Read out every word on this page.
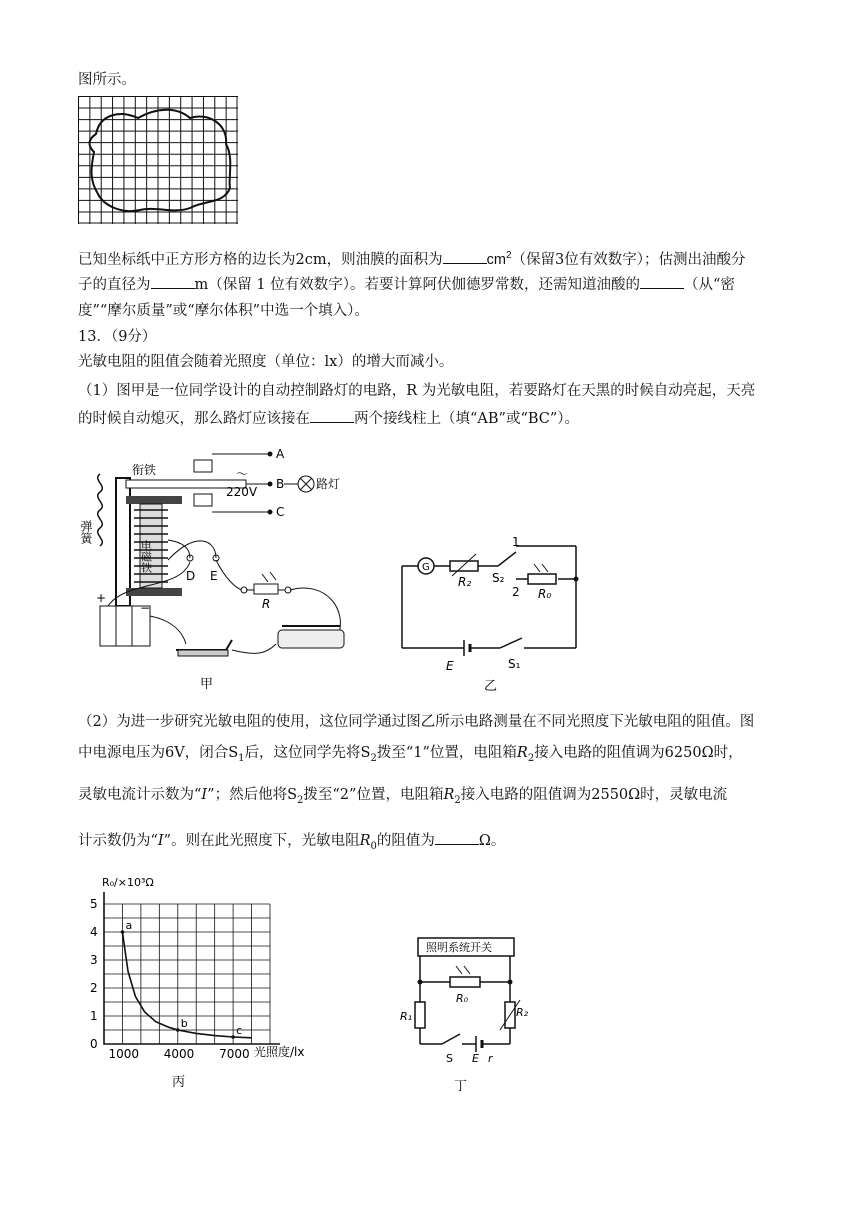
图所示。
已知坐标纸中正方形方格的边长为2cm，则油膜的面积为	$cm^2$（保留3位有效数字）；估测出油酸分
子的直径为	m（保留 1 位有效数字）。若要计算阿伏伽德罗常数，还需知道油酸的	（从“密
度”“摩尔质量”或“摩尔体积”中选一个填入）。
13．（9分）
光敏电阻的阻值会随着光照度（单位：lx）的增大而减小。
（1）图甲是一位同学设计的自动控制路灯的电路，R 为光敏电阻，若要路灯在天黑的时候自动亮起，天亮
的时候自动熄灭，那么路灯应该接在	两个接线柱上（填“AB”或“BC”）。
弹簧
电磁铁
衔铁
A
B
C
～
220V
路灯
D E
R
+
−
甲
E	S₁
G
R₂
1
S₂
2 R₀
乙
（2）为进一步研究光敏电阻的使用，这位同学通过图乙所示电路测量在不同光照度下光敏电阻的阻值。图
中电源电压为6V，闭合$S_1$后，这位同学先将$S_2$拨至“1”位置，电阻箱$R_2$接入电路的阻值调为6250Ω时，
灵敏电流计示数为“I”；然后他将$S_2$拨至“2”位置，电阻箱$R_2$接入电路的阻值调为2550Ω时，灵敏电流
计示数仍为“I”。则在此光照度下，光敏电阻$R_0$的阻值为	Ω。
0
1
2
3
4
5
1000 4000 7000
a
b
c
R₀/×10³Ω
光照度/lx
丙
照明系统开关
R₀
R₁	R₂
S E r
丁
